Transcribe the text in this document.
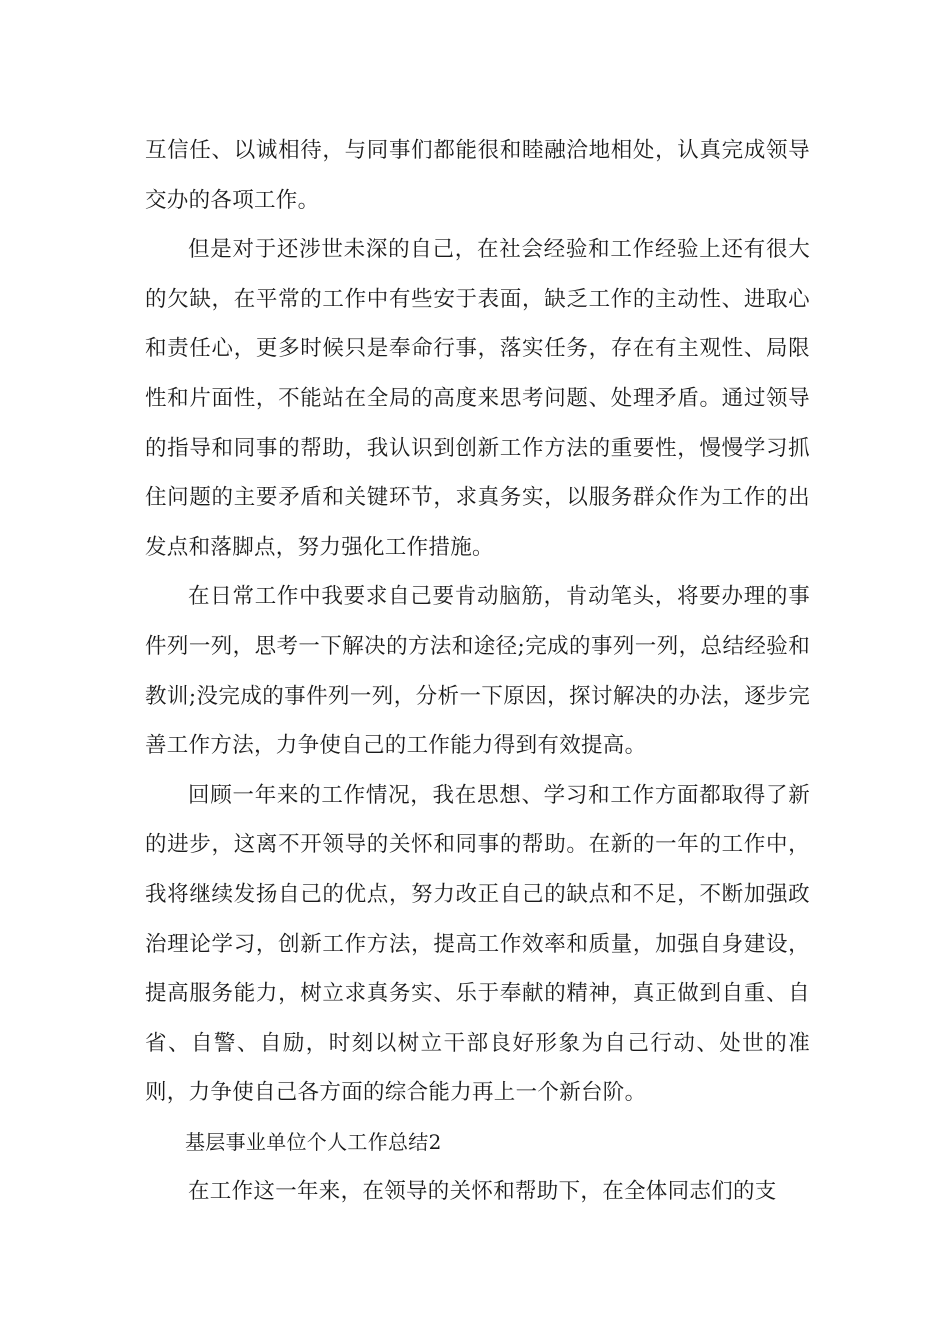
互信任、以诚相待，与同事们都能很和睦融洽地相处，认真完成领导交办的各项工作。

但是对于还涉世未深的自己，在社会经验和工作经验上还有很大的欠缺，在平常的工作中有些安于表面，缺乏工作的主动性、进取心和责任心，更多时候只是奉命行事，落实任务，存在有主观性、局限性和片面性，不能站在全局的高度来思考问题、处理矛盾。通过领导的指导和同事的帮助，我认识到创新工作方法的重要性，慢慢学习抓住问题的主要矛盾和关键环节，求真务实，以服务群众作为工作的出发点和落脚点，努力强化工作措施。

在日常工作中我要求自己要肯动脑筋，肯动笔头，将要办理的事件列一列，思考一下解决的方法和途径;完成的事列一列，总结经验和教训;没完成的事件列一列，分析一下原因，探讨解决的办法，逐步完善工作方法，力争使自己的工作能力得到有效提高。

回顾一年来的工作情况，我在思想、学习和工作方面都取得了新的进步，这离不开领导的关怀和同事的帮助。在新的一年的工作中，我将继续发扬自己的优点，努力改正自己的缺点和不足，不断加强政治理论学习，创新工作方法，提高工作效率和质量，加强自身建设，提高服务能力，树立求真务实、乐于奉献的精神，真正做到自重、自省、自警、自励，时刻以树立干部良好形象为自己行动、处世的准则，力争使自己各方面的综合能力再上一个新台阶。

基层事业单位个人工作总结2

在工作这一年来，在领导的关怀和帮助下，在全体同志们的支
